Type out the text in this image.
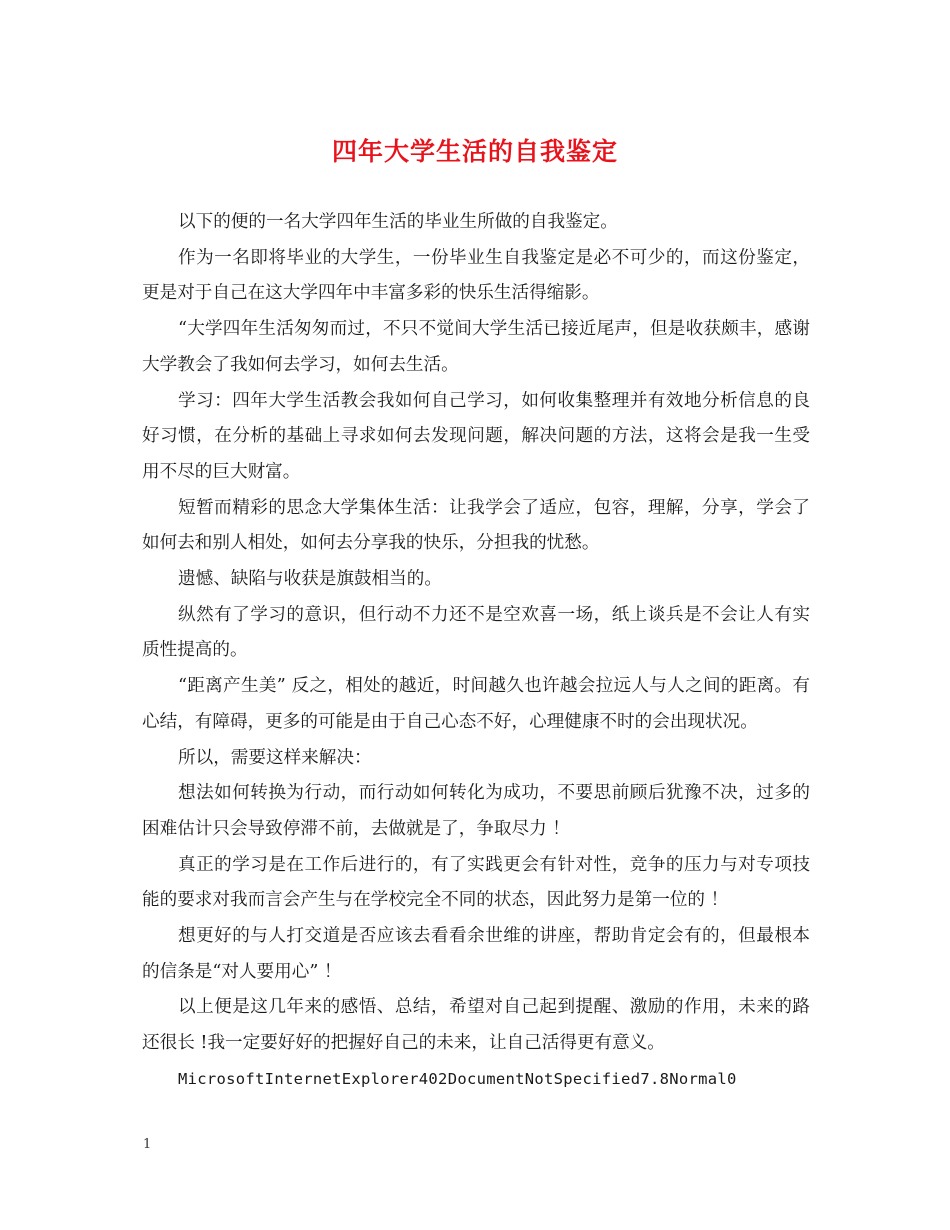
四年大学生活的自我鉴定

以下的便的一名大学四年生活的毕业生所做的自我鉴定。

作为一名即将毕业的大学生，一份毕业生自我鉴定是必不可少的，而这份鉴定，更是对于自己在这大学四年中丰富多彩的快乐生活得缩影。

“大学四年生活匆匆而过，不只不觉间大学生活已接近尾声，但是收获颇丰，感谢大学教会了我如何去学习，如何去生活。

学习：四年大学生活教会我如何自己学习，如何收集整理并有效地分析信息的良好习惯，在分析的基础上寻求如何去发现问题，解决问题的方法，这将会是我一生受用不尽的巨大财富。

短暂而精彩的思念大学集体生活：让我学会了适应，包容，理解，分享，学会了如何去和别人相处，如何去分享我的快乐，分担我的忧愁。

遗憾、缺陷与收获是旗鼓相当的。

纵然有了学习的意识，但行动不力还不是空欢喜一场，纸上谈兵是不会让人有实质性提高的。

“距离产生美” 反之，相处的越近，时间越久也许越会拉远人与人之间的距离。有心结，有障碍，更多的可能是由于自己心态不好，心理健康不时的会出现状况。

所以，需要这样来解决：

想法如何转换为行动，而行动如何转化为成功，不要思前顾后犹豫不决，过多的困难估计只会导致停滞不前，去做就是了，争取尽力 ！

真正的学习是在工作后进行的，有了实践更会有针对性，竞争的压力与对专项技能的要求对我而言会产生与在学校完全不同的状态，因此努力是第一位的 ！

想更好的与人打交道是否应该去看看余世维的讲座，帮助肯定会有的，但最根本的信条是“对人要用心” ！

以上便是这几年来的感悟、总结，希望对自己起到提醒、激励的作用，未来的路还很长 !我一定要好好的把握好自己的未来，让自己活得更有意义。

MicrosoftInternetExplorer402DocumentNotSpecified7.8Normal0

1
